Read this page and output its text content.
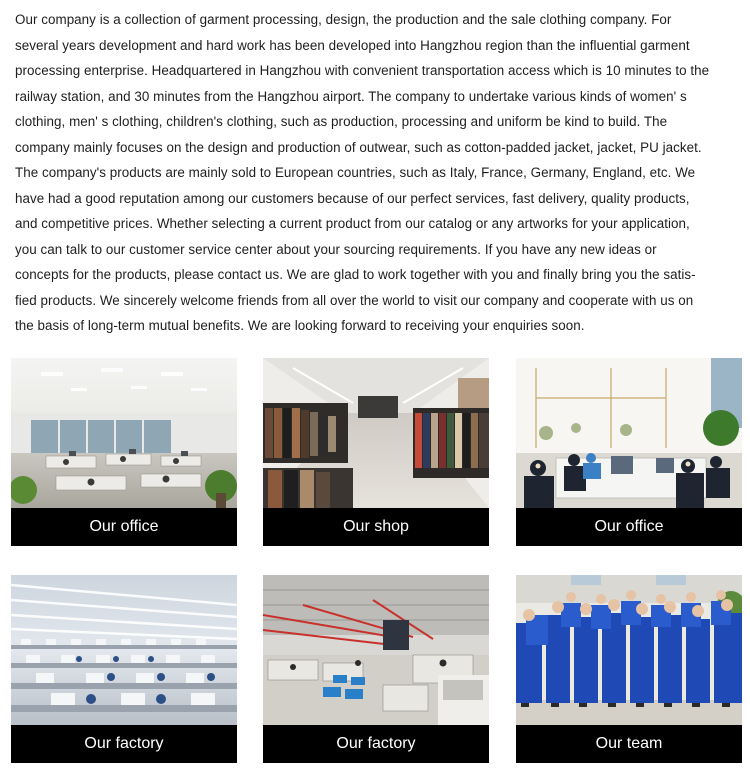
Our company is a collection of garment processing, design, the production and the sale clothing company. For
several years development and hard work has been developed into Hangzhou region than the influential garment
processing enterprise. Headquartered in Hangzhou with convenient transportation access which is 10 minutes to the
railway station, and 30 minutes from the Hangzhou airport. The company to undertake various kinds of women' s
clothing, men' s clothing, children's clothing, such as production, processing and uniform be kind to build. The
company mainly focuses on the design and production of outwear, such as cotton-padded jacket, jacket, PU jacket.
The company's products are mainly sold to European countries, such as Italy, France, Germany, England, etc. We
have had a good reputation among our customers because of our perfect services, fast delivery, quality products,
and competitive prices. Whether selecting a current product from our catalog or any artworks for your application,
you can talk to our customer service center about your sourcing requirements. If you have any new ideas or
concepts for the products, please contact us. We are glad to work together with you and finally bring you the satis-
fied products. We sincerely welcome friends from all over the world to visit our company and cooperate with us on
the basis of long-term mutual benefits. We are looking forward to receiving your enquiries soon.
Our office	Our shop	Our office
Our factory	Our factory	Our team
